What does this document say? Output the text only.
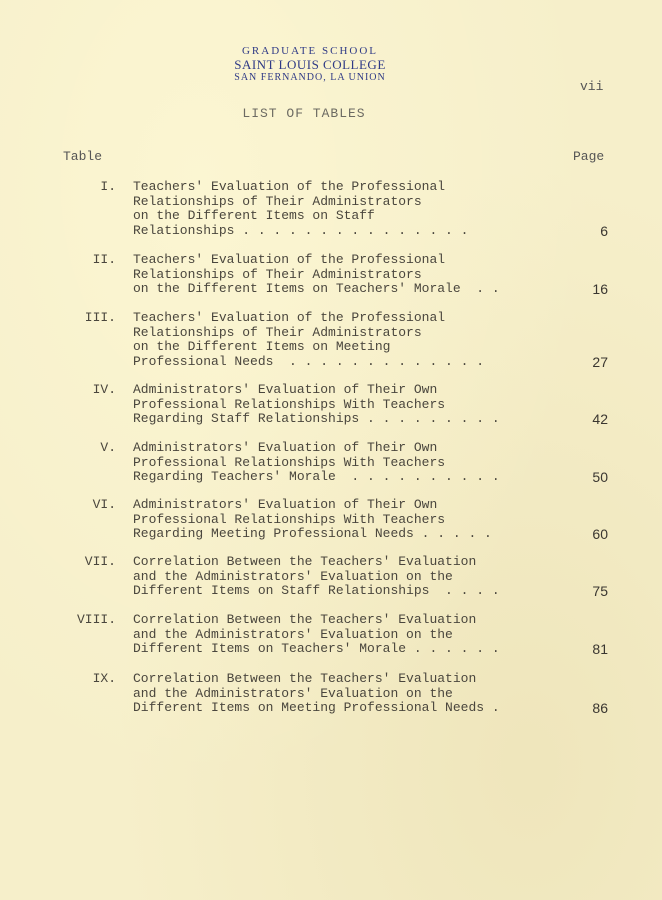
GRADUATE SCHOOL
SAINT LOUIS COLLEGE
SAN FERNANDO, LA UNION
vii
LIST OF TABLES
Table	Page
I. Teachers' Evaluation of the Professional
Relationships of Their Administrators
on the Different Items on Staff
Relationships . . . . . . . . . . . . . . .	6
II. Teachers' Evaluation of the Professional
Relationships of Their Administrators
on the Different Items on Teachers' Morale  . .	16
III. Teachers' Evaluation of the Professional
Relationships of Their Administrators
on the Different Items on Meeting
Professional Needs  . . . . . . . . . . . . .	27
IV. Administrators' Evaluation of Their Own
Professional Relationships With Teachers
Regarding Staff Relationships . . . . . . . . .	42
V. Administrators' Evaluation of Their Own
Professional Relationships With Teachers
Regarding Teachers' Morale  . . . . . . . . . .	50
VI. Administrators' Evaluation of Their Own
Professional Relationships With Teachers
Regarding Meeting Professional Needs . . . . .	60
VII. Correlation Between the Teachers' Evaluation
and the Administrators' Evaluation on the
Different Items on Staff Relationships  . . . .	75
VIII. Correlation Between the Teachers' Evaluation
and the Administrators' Evaluation on the
Different Items on Teachers' Morale . . . . . .	81
IX. Correlation Between the Teachers' Evaluation
and the Administrators' Evaluation on the
Different Items on Meeting Professional Needs .	86
